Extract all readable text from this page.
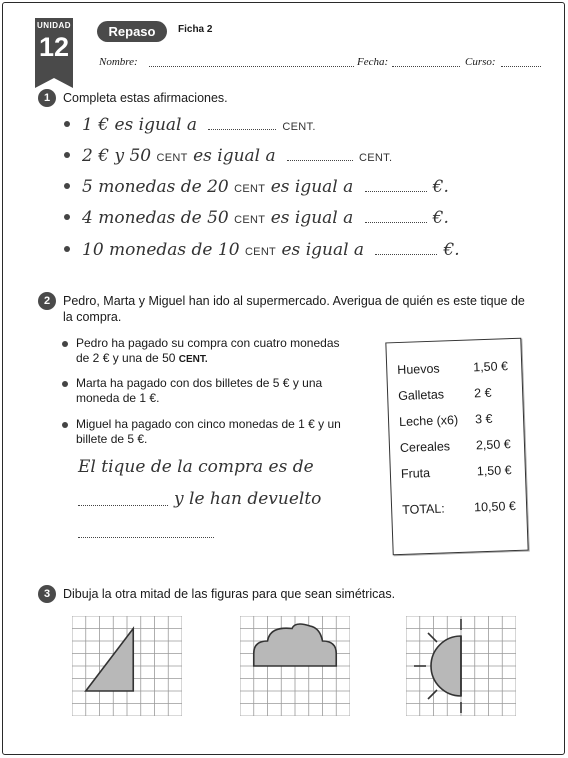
UNIDAD
12
Repaso	Ficha 2
Nombre:	Fecha:	Curso:
1	Completa estas afirmaciones.
1 € es igual a	CENT.
2 € y 50 CENT es igual a	CENT.
5 monedas de 20 CENT es igual a	€.
4 monedas de 50 CENT es igual a	€.
10 monedas de 10 CENT es igual a	€.
2	Pedro, Marta y Miguel han ido al supermercado. Averigua de quién es este tique de la compra.
Pedro ha pagado su compra con cuatro monedas de 2 € y una de 50 CENT.
Marta ha pagado con dos billetes de 5 € y una moneda de 1 €.
Miguel ha pagado con cinco monedas de 1 € y un billete de 5 €.
El tique de la compra es de
y le han devuelto
Huevos	1,50 €
Galletas 2 €
Leche (x6) 3 €
Cereales 2,50 €
Fruta	1,50 €
TOTAL: 10,50 €
3	Dibuja la otra mitad de las figuras para que sean simétricas.
